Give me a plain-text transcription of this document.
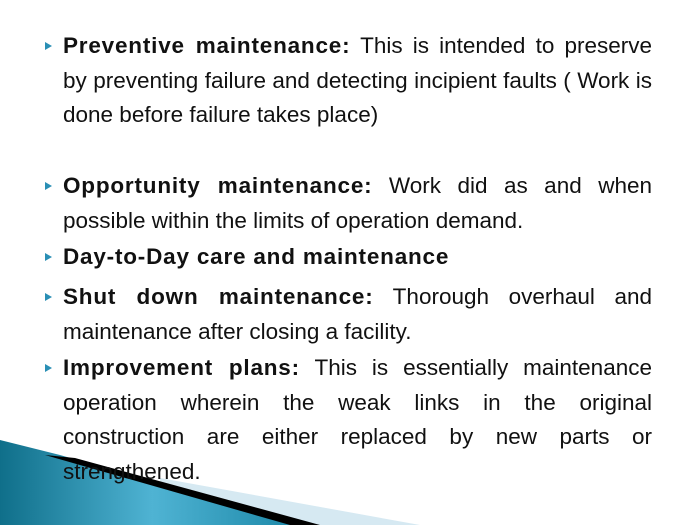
Preventive maintenance: This is intended to preserve by preventing failure and detecting incipient faults ( Work is done before failure takes place)
Opportunity maintenance: Work did as and when possible within the limits of operation demand.
Day-to-Day care and maintenance
Shut down maintenance: Thorough overhaul and maintenance after closing a facility.
Improvement plans: This is essentially maintenance operation wherein the weak links in the original construction are either replaced by new parts or strengthened.
